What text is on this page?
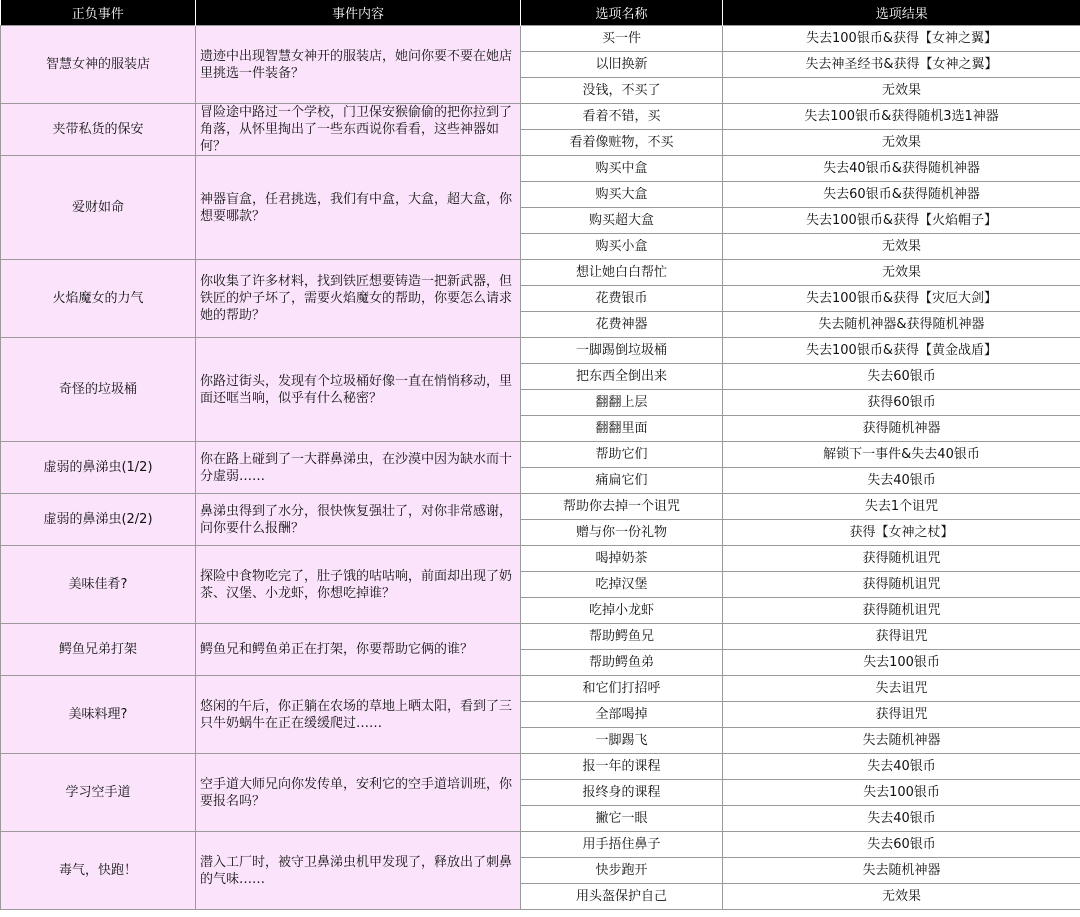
正负事件	事件内容	选项名称	选项结果
智慧女神的服装店	遗迹中出现智慧女神开的服装店，她问你要不要在她店里挑选一件装备？	买一件	失去100银币&获得【女神之翼】
		以旧换新	失去神圣经书&获得【女神之翼】
		没钱，不买了	无效果
夹带私货的保安	冒险途中路过一个学校，门卫保安猴偷偷的把你拉到了角落，从怀里掏出了一些东西说你看看，这些神器如何？	看着不错，买	失去100银币&获得随机3选1神器
		看着像赃物，不买	无效果
爱财如命	神器盲盒，任君挑选，我们有中盒，大盒，超大盒，你想要哪款？	购买中盒	失去40银币&获得随机神器
		购买大盒	失去60银币&获得随机神器
		购买超大盒	失去100银币&获得【火焰帽子】
		购买小盒	无效果
火焰魔女的力气	你收集了许多材料，找到铁匠想要铸造一把新武器，但铁匠的炉子坏了，需要火焰魔女的帮助，你要怎么请求她的帮助？	想让她白白帮忙	无效果
		花费银币	失去100银币&获得【灾厄大剑】
		花费神器	失去随机神器&获得随机神器
奇怪的垃圾桶	你路过街头，发现有个垃圾桶好像一直在悄悄移动，里面还哐当响，似乎有什么秘密？	一脚踢倒垃圾桶	失去100银币&获得【黄金战盾】
		把东西全倒出来	失去60银币
		翻翻上层	获得60银币
		翻翻里面	获得随机神器
虚弱的鼻涕虫(1/2)	你在路上碰到了一大群鼻涕虫，在沙漠中因为缺水而十分虚弱……	帮助它们	解锁下一事件&失去40银币
		痛扁它们	失去40银币
虚弱的鼻涕虫(2/2)	鼻涕虫得到了水分，很快恢复强壮了，对你非常感谢，问你要什么报酬？	帮助你去掉一个诅咒	失去1个诅咒
		赠与你一份礼物	获得【女神之杖】
美味佳肴?	探险中食物吃完了，肚子饿的咕咕响，前面却出现了奶茶、汉堡、小龙虾，你想吃掉谁？	喝掉奶茶	获得随机诅咒
		吃掉汉堡	获得随机诅咒
		吃掉小龙虾	获得随机诅咒
鳄鱼兄弟打架	鳄鱼兄和鳄鱼弟正在打架，你要帮助它俩的谁？	帮助鳄鱼兄	获得诅咒
		帮助鳄鱼弟	失去100银币
美味料理?	悠闲的午后，你正躺在农场的草地上晒太阳，看到了三只牛奶蜗牛在正在缓缓爬过……	和它们打招呼	失去诅咒
		全部喝掉	获得诅咒
		一脚踢飞	失去随机神器
学习空手道	空手道大师兄向你发传单，安利它的空手道培训班，你要报名吗？	报一年的课程	失去40银币
		报终身的课程	失去100银币
		撇它一眼	失去40银币
毒气，快跑！	潜入工厂时，被守卫鼻涕虫机甲发现了，释放出了刺鼻的气味……	用手捂住鼻子	失去60银币
		快步跑开	失去随机神器
		用头盔保护自己	无效果
